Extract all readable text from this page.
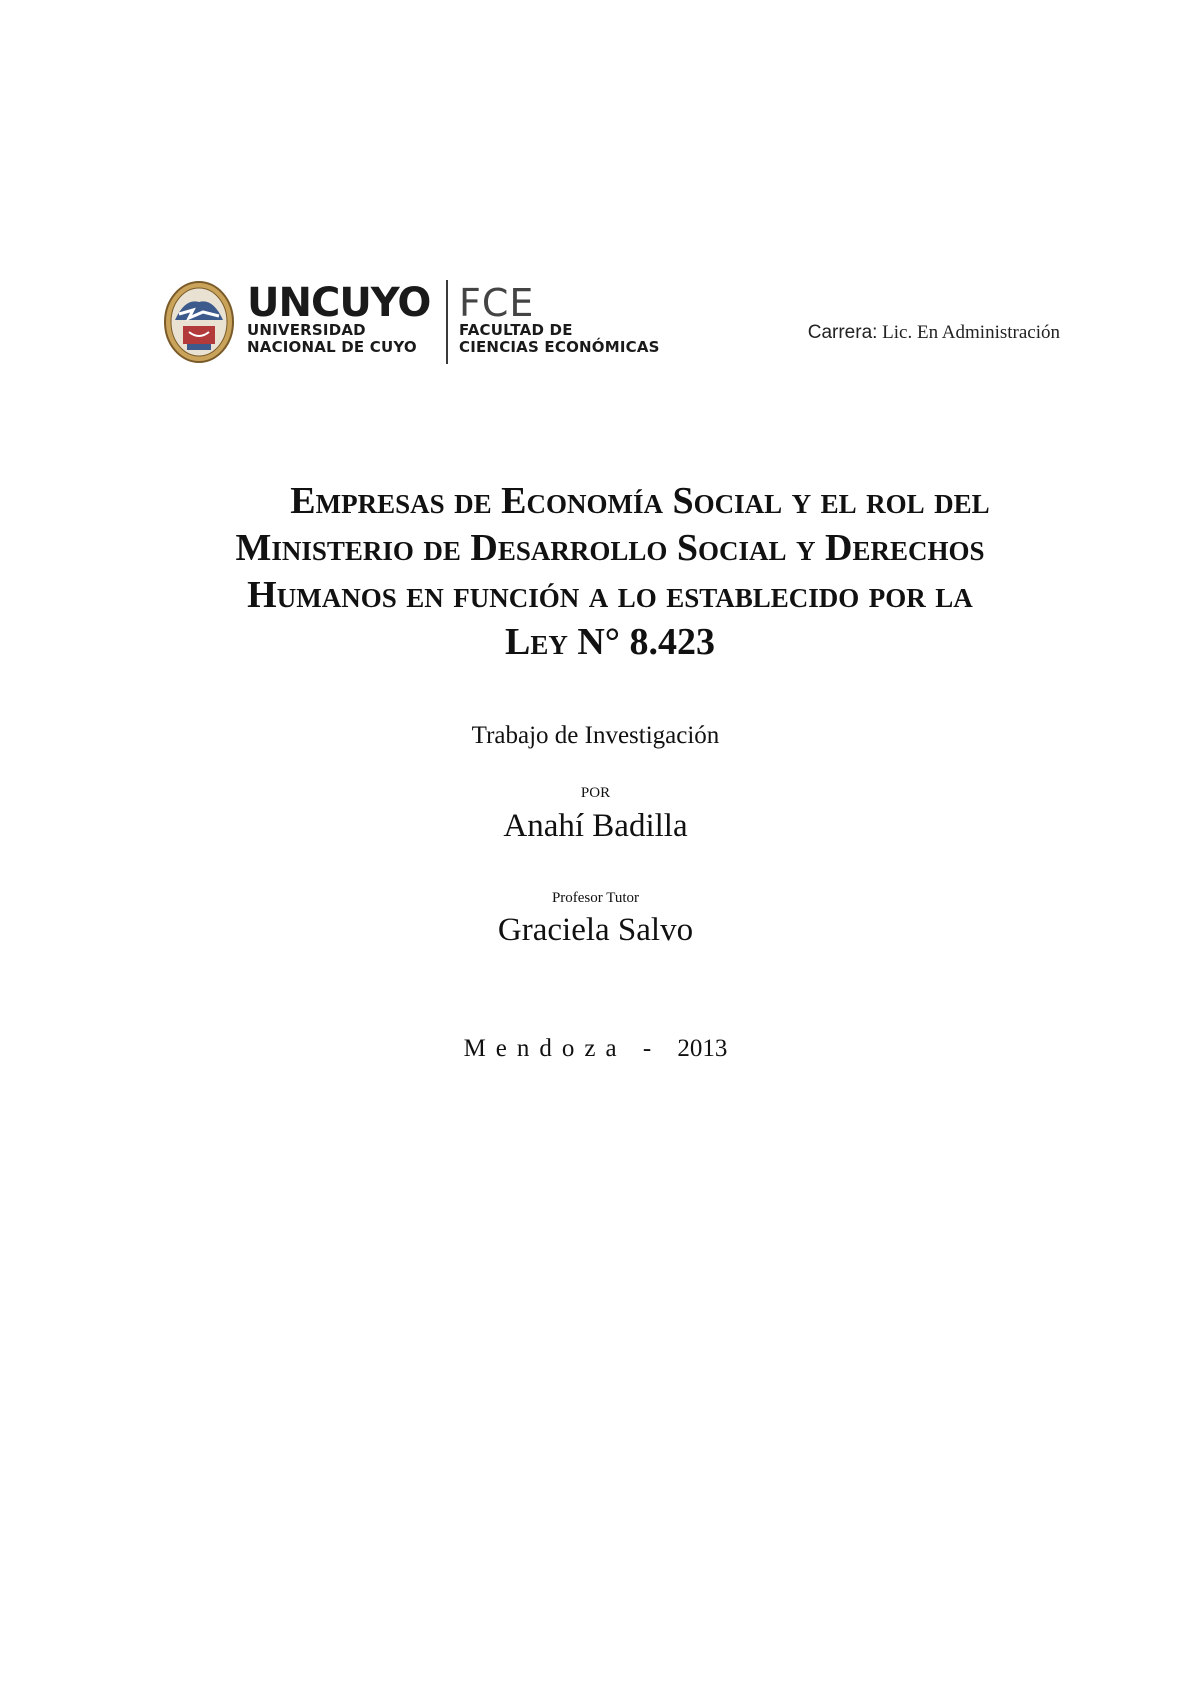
UNCUYO
UNIVERSIDAD
NACIONAL DE CUYO
FCE
FACULTAD DE
CIENCIAS ECONÓMICAS
Carrera: Lic. En Administración
Empresas de Economía Social y el rol del
Ministerio de Desarrollo Social y Derechos
Humanos en función a lo establecido por la
Ley N° 8.423
Trabajo de Investigación
POR
Anahí Badilla
Profesor Tutor
Graciela Salvo
Mendoza - 2013
